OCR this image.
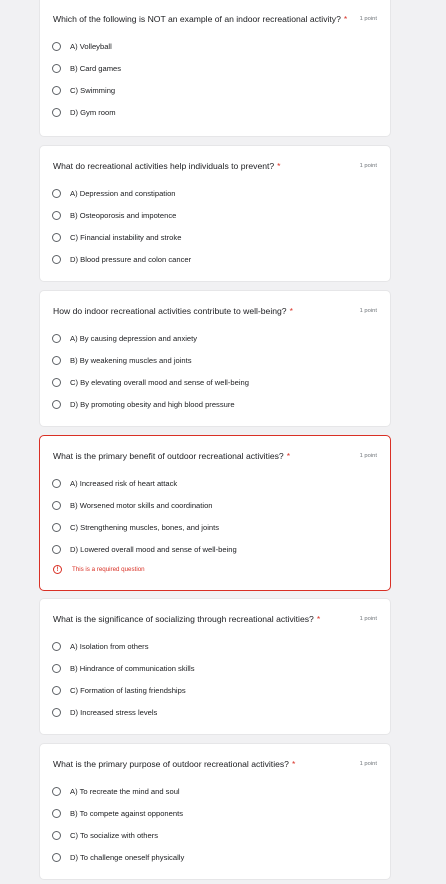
Which of the following is NOT an example of an indoor recreational activity? * 1 point
A) Volleyball
B) Card games
C) Swimming
D) Gym room
What do recreational activities help individuals to prevent? *	1 point
A) Depression and constipation
B) Osteoporosis and impotence
C) Financial instability and stroke
D) Blood pressure and colon cancer
How do indoor recreational activities contribute to well-being? *	1 point
A) By causing depression and anxiety
B) By weakening muscles and joints
C) By elevating overall mood and sense of well-being
D) By promoting obesity and high blood pressure
What is the primary benefit of outdoor recreational activities? *	1 point
A) Increased risk of heart attack
B) Worsened motor skills and coordination
C) Strengthening muscles, bones, and joints
D) Lowered overall mood and sense of well-being
!	This is a required question
What is the significance of socializing through recreational activities? *	1 point
A) Isolation from others
B) Hindrance of communication skills
C) Formation of lasting friendships
D) Increased stress levels
What is the primary purpose of outdoor recreational activities? *	1 point
A) To recreate the mind and soul
B) To compete against opponents
C) To socialize with others
D) To challenge oneself physically
